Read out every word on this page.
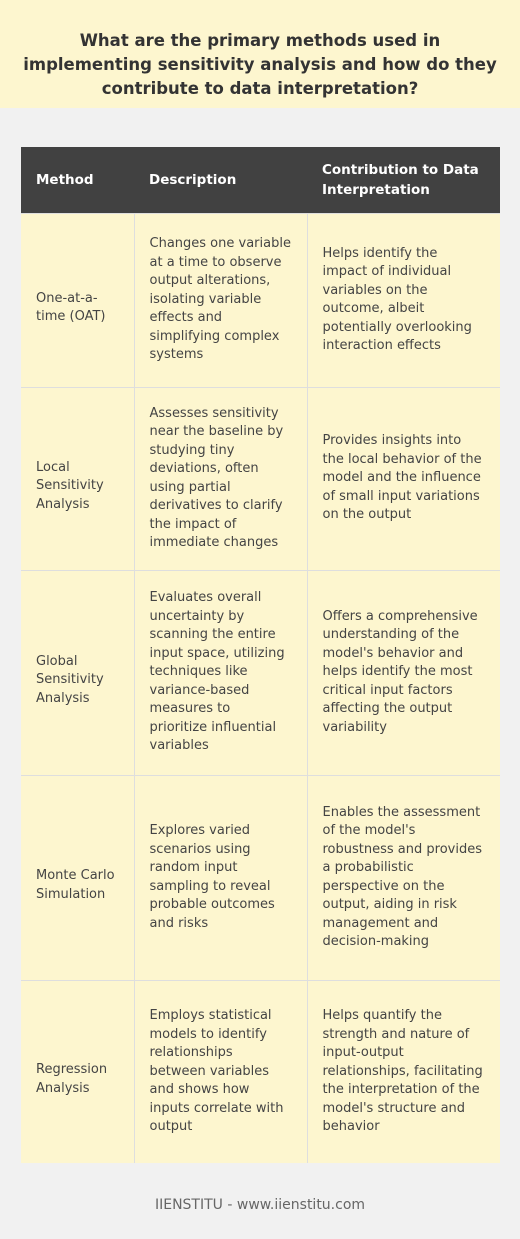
What are the primary methods used in implementing sensitivity analysis and how do they contribute to data interpretation?
Method	Description	Contribution to Data Interpretation
One-at-a-time (OAT)	Changes one variable at a time to observe output alterations, isolating variable effects and simplifying complex systems	Helps identify the impact of individual variables on the outcome, albeit potentially overlooking interaction effects
Local Sensitivity Analysis	Assesses sensitivity near the baseline by studying tiny deviations, often using partial derivatives to clarify the impact of immediate changes	Provides insights into the local behavior of the model and the influence of small input variations on the output
Global Sensitivity Analysis	Evaluates overall uncertainty by scanning the entire input space, utilizing techniques like variance-based measures to prioritize influential variables	Offers a comprehensive understanding of the model's behavior and helps identify the most critical input factors affecting the output variability
Monte Carlo Simulation	Explores varied scenarios using random input sampling to reveal probable outcomes and risks	Enables the assessment of the model's robustness and provides a probabilistic perspective on the output, aiding in risk management and decision-making
Regression Analysis	Employs statistical models to identify relationships between variables and shows how inputs correlate with output	Helps quantify the strength and nature of input-output relationships, facilitating the interpretation of the model's structure and behavior
IIENSTITU - www.iienstitu.com
